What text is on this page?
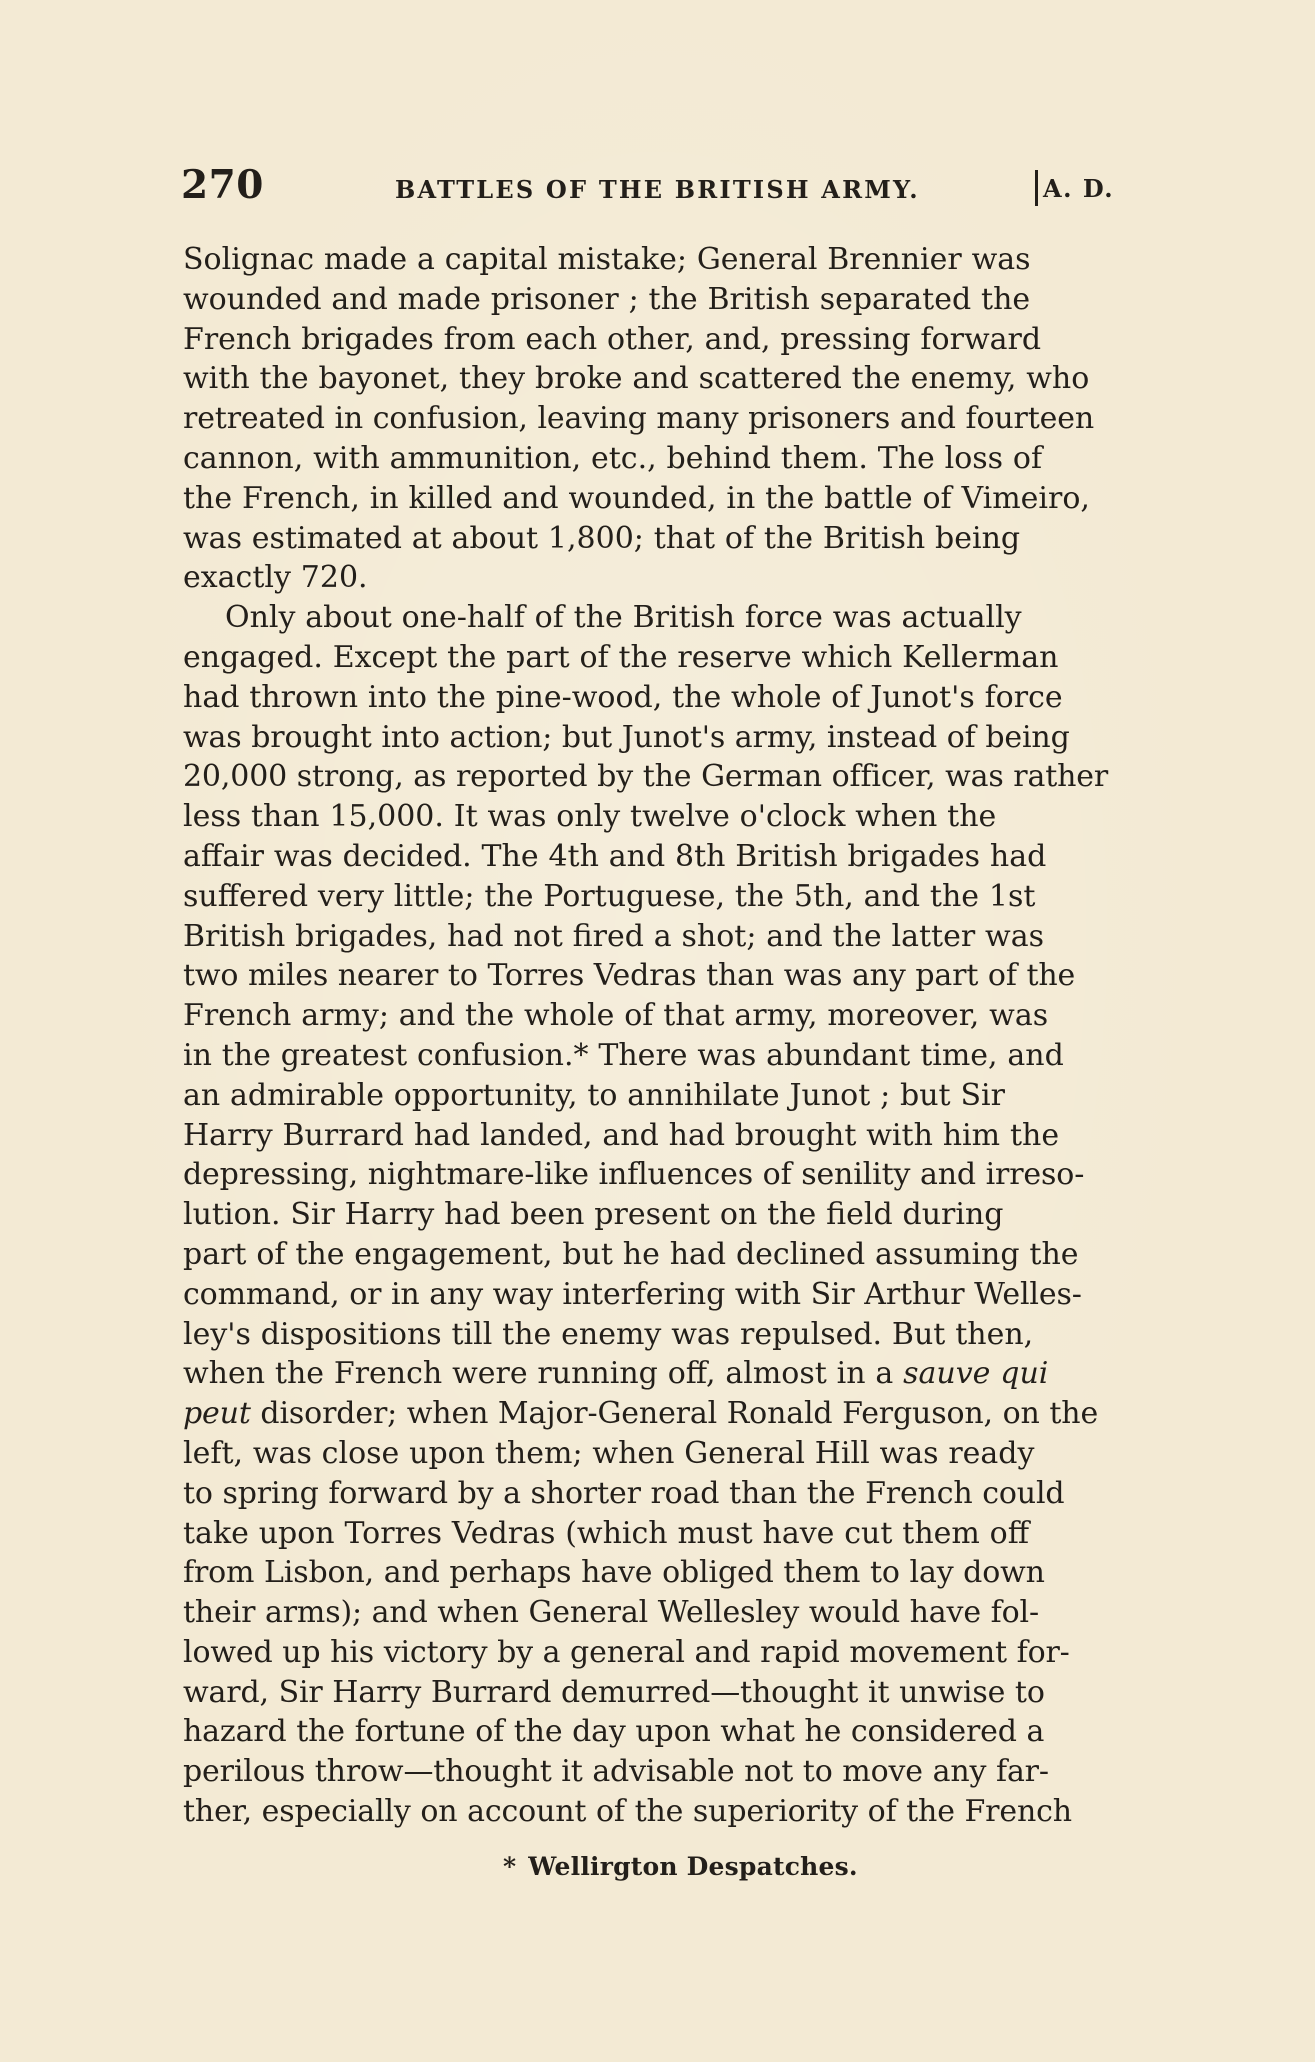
270	BATTLES OF THE BRITISH ARMY.	A. D.
Solignac made a capital mistake; General Brennier was
wounded and made prisoner ; the British separated the
French brigades from each other, and, pressing forward
with the bayonet, they broke and scattered the enemy, who
retreated in confusion, leaving many prisoners and fourteen
cannon, with ammunition, etc., behind them. The loss of
the French, in killed and wounded, in the battle of Vimeiro,
was estimated at about 1,800; that of the British being
exactly 720.
Only about one-half of the British force was actually
engaged. Except the part of the reserve which Kellerman
had thrown into the pine-wood, the whole of Junot's force
was brought into action; but Junot's army, instead of being
20,000 strong, as reported by the German officer, was rather
less than 15,000. It was only twelve o'clock when the
affair was decided. The 4th and 8th British brigades had
suffered very little; the Portuguese, the 5th, and the 1st
British brigades, had not fired a shot; and the latter was
two miles nearer to Torres Vedras than was any part of the
French army; and the whole of that army, moreover, was
in the greatest confusion.* There was abundant time, and
an admirable opportunity, to annihilate Junot ; but Sir
Harry Burrard had landed, and had brought with him the
depressing, nightmare-like influences of senility and irreso-
lution. Sir Harry had been present on the field during
part of the engagement, but he had declined assuming the
command, or in any way interfering with Sir Arthur Welles-
ley's dispositions till the enemy was repulsed. But then,
when the French were running off, almost in a sauve qui
peut disorder; when Major-General Ronald Ferguson, on the
left, was close upon them; when General Hill was ready
to spring forward by a shorter road than the French could
take upon Torres Vedras (which must have cut them off
from Lisbon, and perhaps have obliged them to lay down
their arms); and when General Wellesley would have fol-
lowed up his victory by a general and rapid movement for-
ward, Sir Harry Burrard demurred—thought it unwise to
hazard the fortune of the day upon what he considered a
perilous throw—thought it advisable not to move any far-
ther, especially on account of the superiority of the French
* Wellirgton Despatches.
